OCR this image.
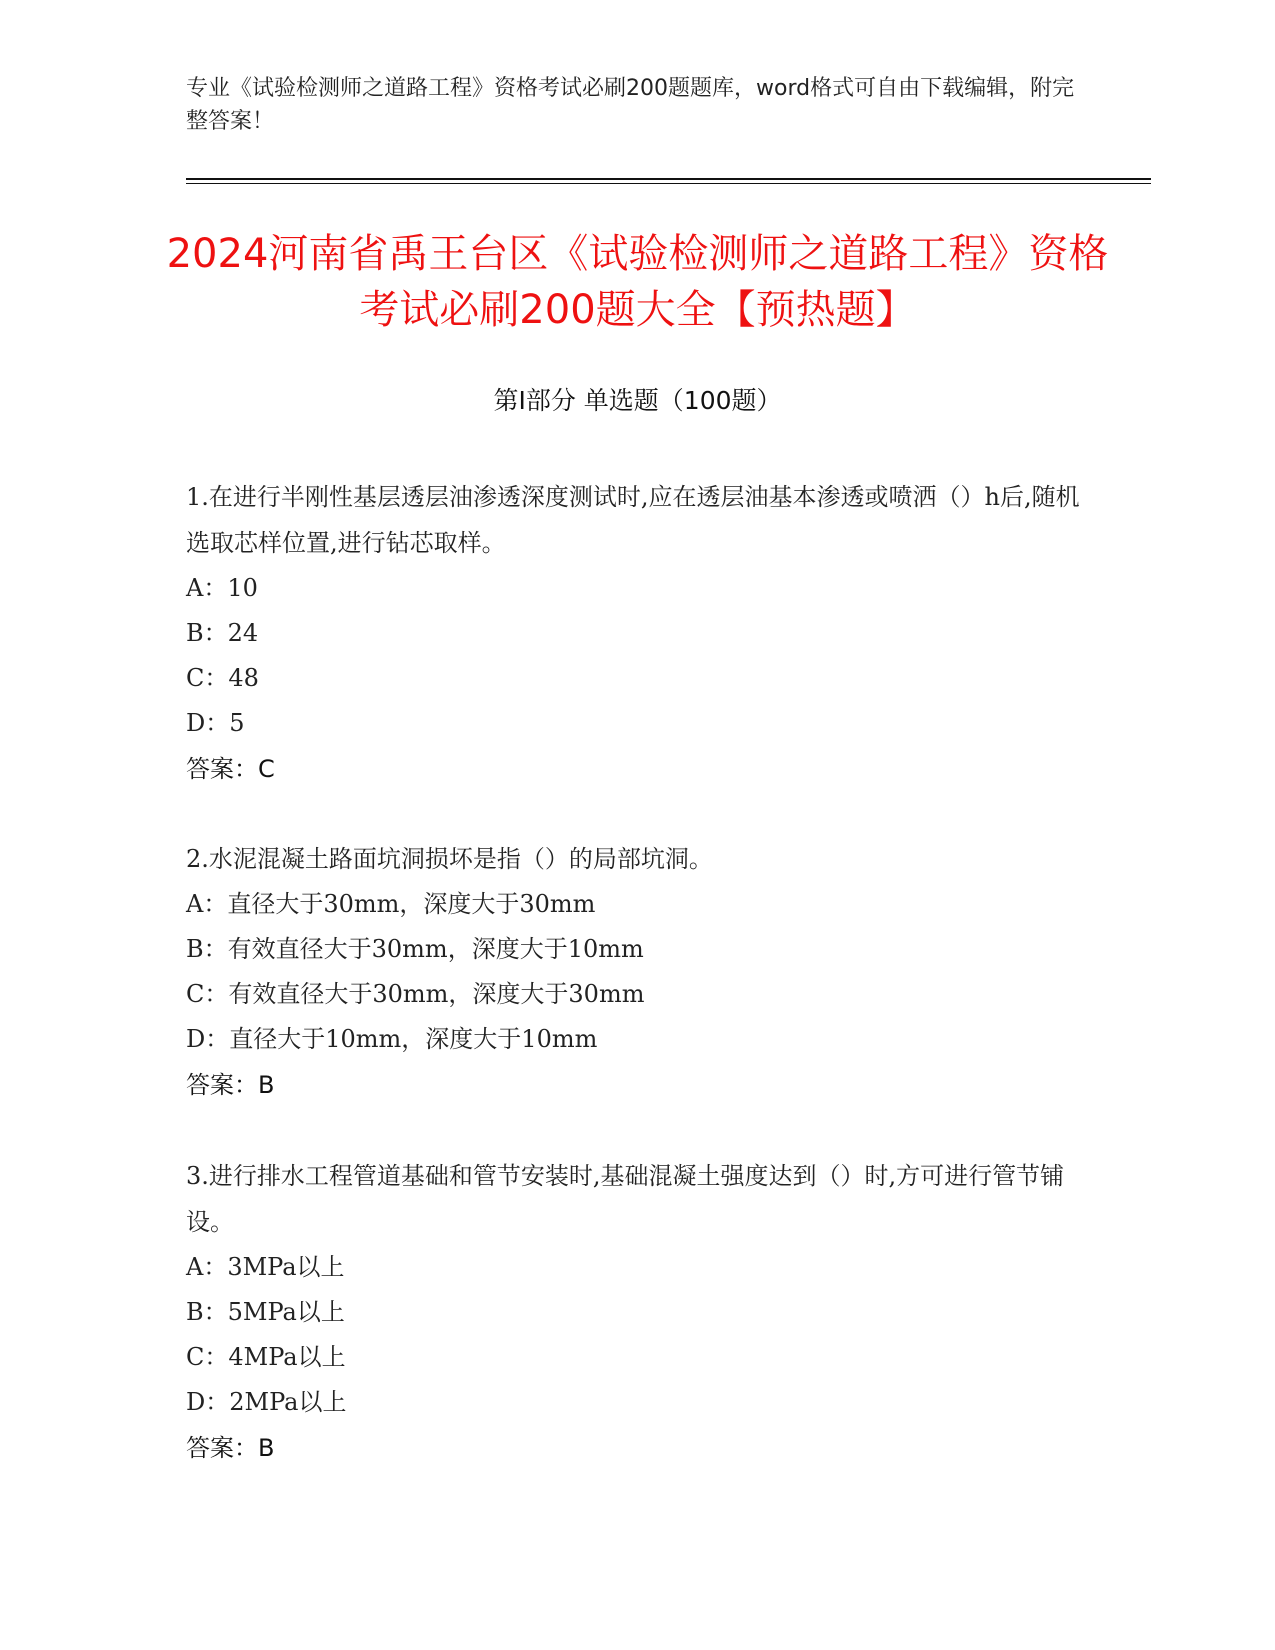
专业《试验检测师之道路工程》资格考试必刷200题题库，word格式可自由下载编辑，附完整答案！
2024河南省禹王台区《试验检测师之道路工程》资格考试必刷200题大全【预热题】
第I部分 单选题（100题）
1.在进行半刚性基层透层油渗透深度测试时,应在透层油基本渗透或喷洒（）h后,随机选取芯样位置,进行钻芯取样。
A：10
B：24
C：48
D：5
答案：C
2.水泥混凝土路面坑洞损坏是指（）的局部坑洞。
A：直径大于30mm，深度大于30mm
B：有效直径大于30mm，深度大于10mm
C：有效直径大于30mm，深度大于30mm
D：直径大于10mm，深度大于10mm
答案：B
3.进行排水工程管道基础和管节安装时,基础混凝土强度达到（）时,方可进行管节铺设。
A：3MPa以上
B：5MPa以上
C：4MPa以上
D：2MPa以上
答案：B
